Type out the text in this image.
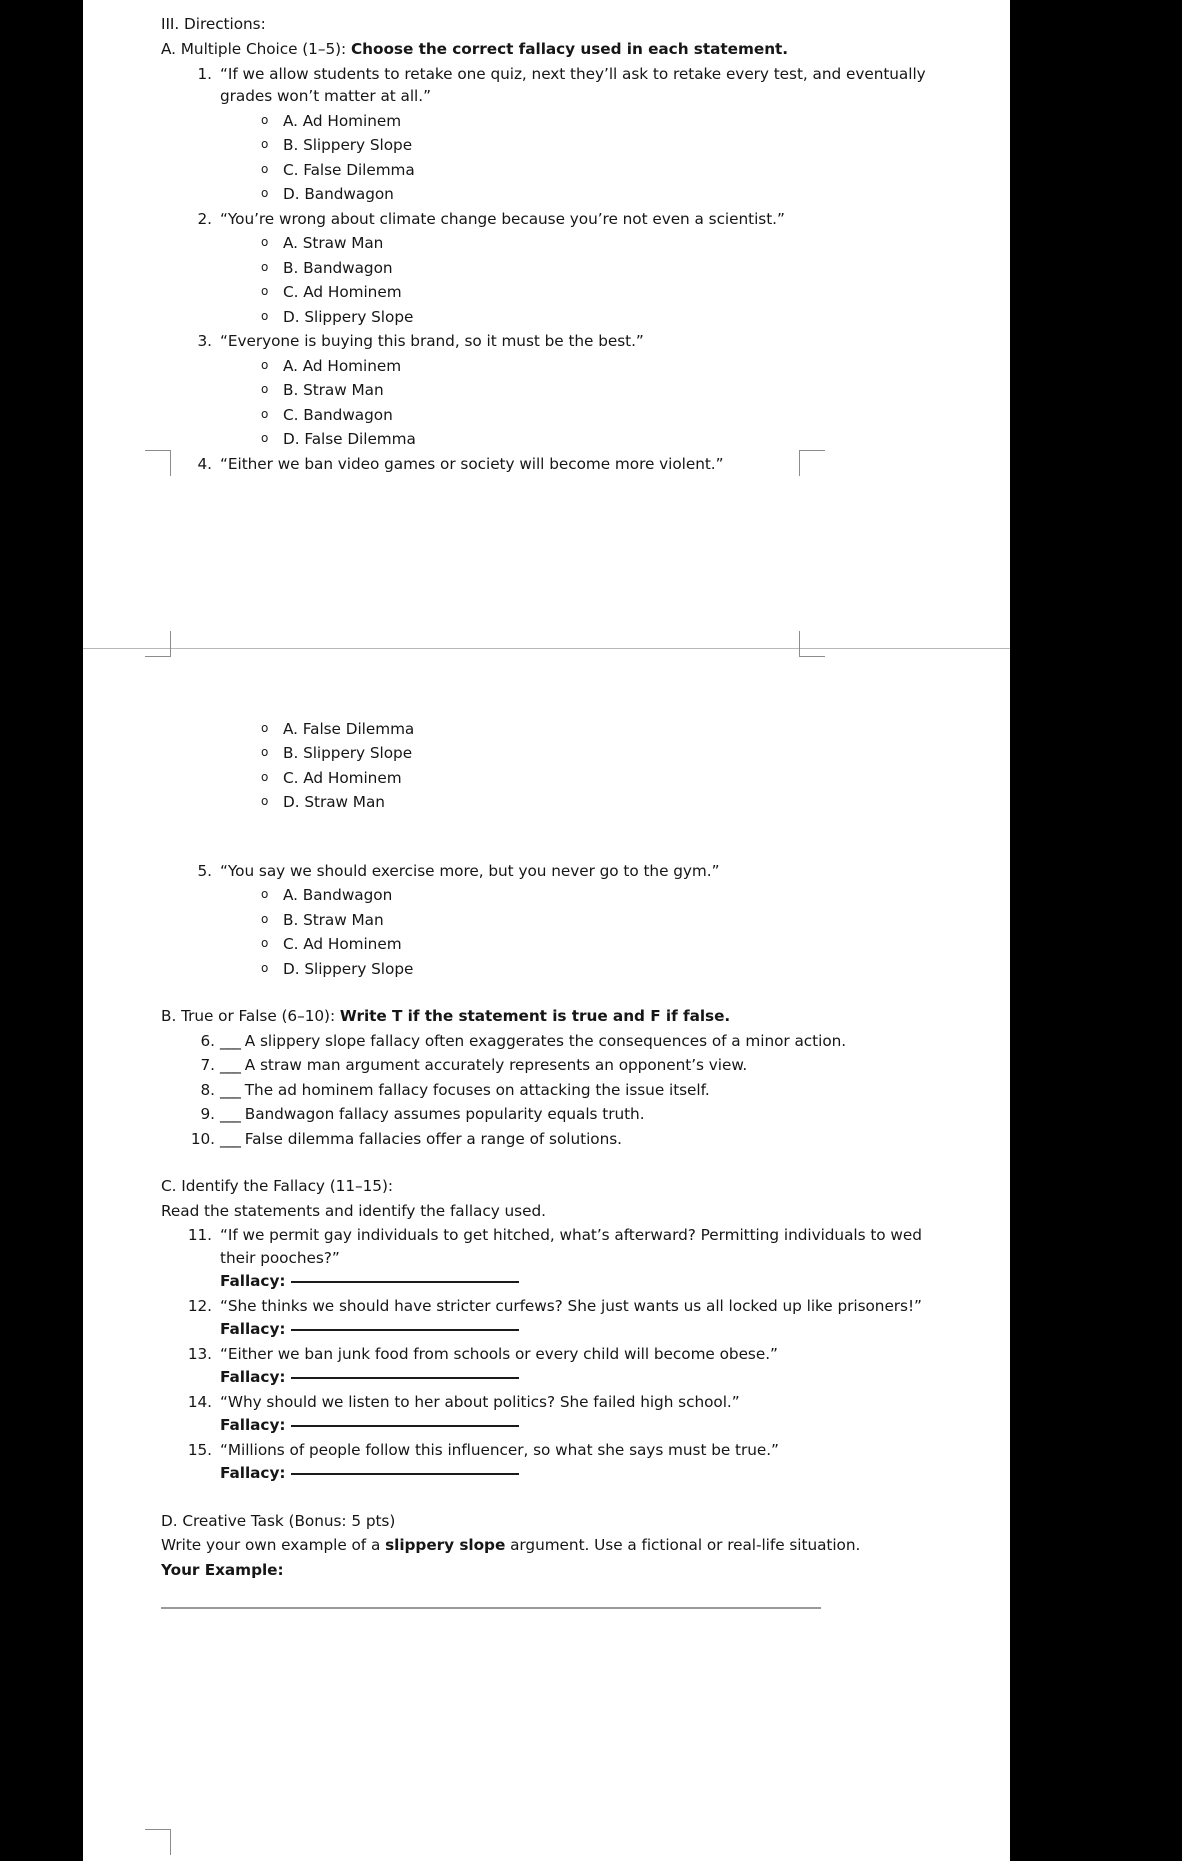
III. Directions:

A. Multiple Choice (1–5): Choose the correct fallacy used in each statement.

1. “If we allow students to retake one quiz, next they’ll ask to retake every test, and eventually grades won’t matter at all.”
o A. Ad Hominem
o B. Slippery Slope
o C. False Dilemma
o D. Bandwagon
2. “You’re wrong about climate change because you’re not even a scientist.”
o A. Straw Man
o B. Bandwagon
o C. Ad Hominem
o D. Slippery Slope
3. “Everyone is buying this brand, so it must be the best.”
o A. Ad Hominem
o B. Straw Man
o C. Bandwagon
o D. False Dilemma
4. “Either we ban video games or society will become more violent.”
o A. False Dilemma
o B. Slippery Slope
o C. Ad Hominem
o D. Straw Man
5. “You say we should exercise more, but you never go to the gym.”
o A. Bandwagon
o B. Straw Man
o C. Ad Hominem
o D. Slippery Slope

B. True or False (6–10): Write T if the statement is true and F if false.

6. ___ A slippery slope fallacy often exaggerates the consequences of a minor action.
7. ___ A straw man argument accurately represents an opponent’s view.
8. ___ The ad hominem fallacy focuses on attacking the issue itself.
9. ___ Bandwagon fallacy assumes popularity equals truth.
10. ___ False dilemma fallacies offer a range of solutions.

C. Identify the Fallacy (11–15):

Read the statements and identify the fallacy used.

11. “If we permit gay individuals to get hitched, what’s afterward? Permitting individuals to wed their pooches?”
Fallacy:
12. “She thinks we should have stricter curfews? She just wants us all locked up like prisoners!”
Fallacy:
13. “Either we ban junk food from schools or every child will become obese.”
Fallacy:
14. “Why should we listen to her about politics? She failed high school.”
Fallacy:
15. “Millions of people follow this influencer, so what she says must be true.”
Fallacy:

D. Creative Task (Bonus: 5 pts)

Write your own example of a slippery slope argument. Use a fictional or real-life situation.

Your Example:
